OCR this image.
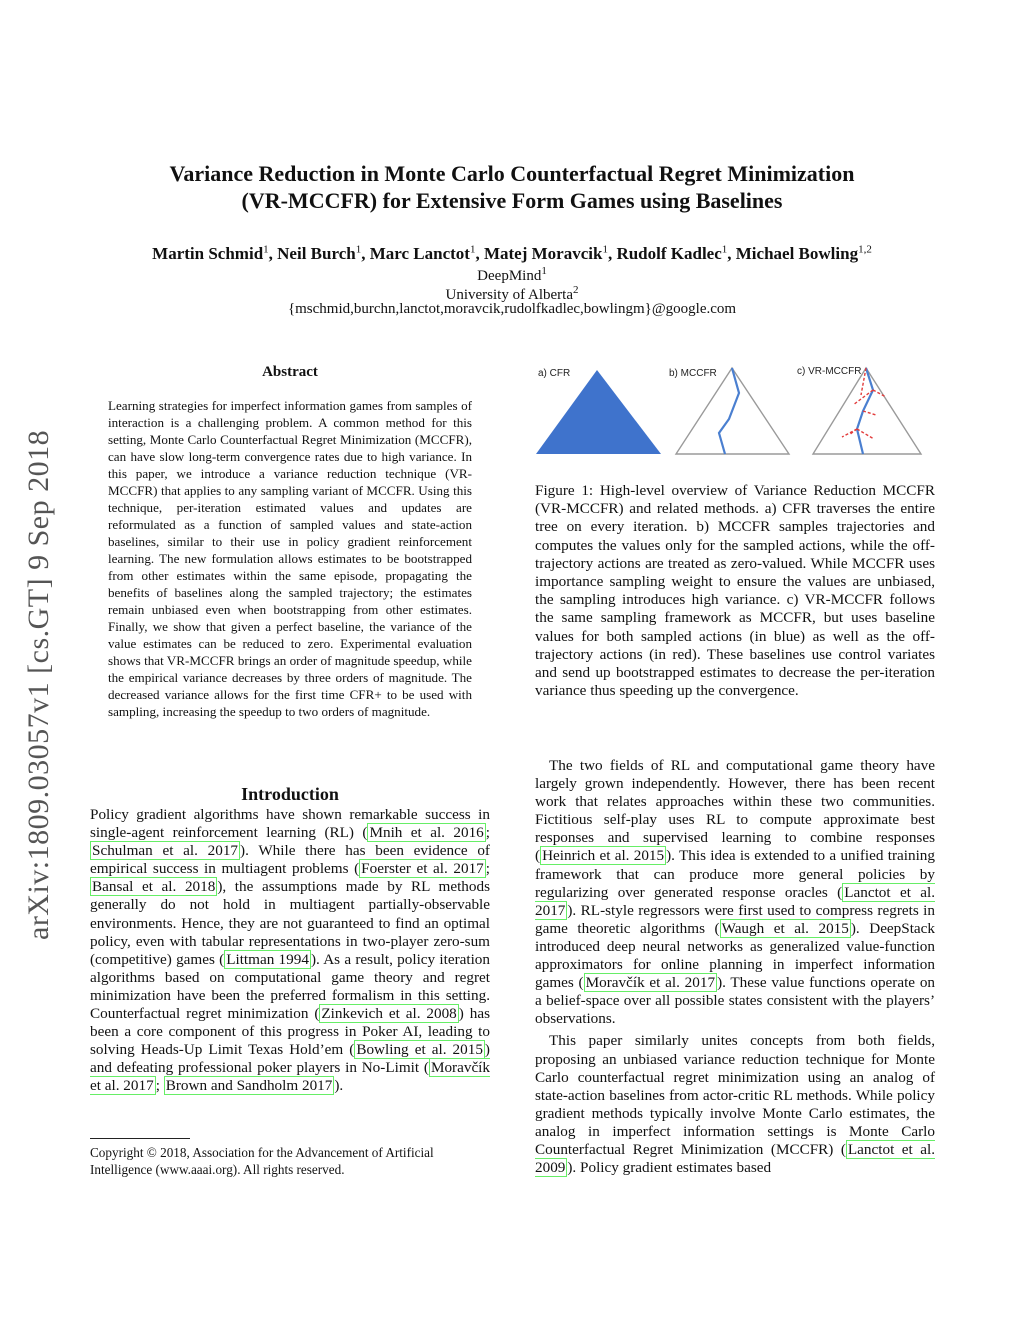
Variance Reduction in Monte Carlo Counterfactual Regret Minimization
(VR-MCCFR) for Extensive Form Games using Baselines

Martin Schmid$^1$, Neil Burch$^1$, Marc Lanctot$^1$, Matej Moravcik$^1$, Rudolf Kadlec$^1$, Michael Bowling$^{1,2}$

DeepMind$^1$

University of Alberta$^2$

{mschmid,burchn,lanctot,moravcik,rudolfkadlec,bowlingm}@google.com

arXiv:1809.03057v1 [cs.GT] 9 Sep 2018
Abstract

Learning strategies for imperfect information games from samples of interaction is a challenging problem. A common method for this setting, Monte Carlo Counterfactual Regret Minimization (MCCFR), can have slow long-term convergence rates due to high variance. In this paper, we introduce a variance reduction technique (VR-MCCFR) that applies to any sampling variant of MCCFR. Using this technique, per-iteration estimated values and updates are reformulated as a function of sampled values and state-action baselines, similar to their use in policy gradient reinforcement learning. The new formulation allows estimates to be bootstrapped from other estimates within the same episode, propagating the benefits of baselines along the sampled trajectory; the estimates remain unbiased even when bootstrapping from other estimates. Finally, we show that given a perfect baseline, the variance of the value estimates can be reduced to zero. Experimental evaluation shows that VR-MCCFR brings an order of magnitude speedup, while the empirical variance decreases by three orders of magnitude. The decreased variance allows for the first time CFR+ to be used with sampling, increasing the speedup to two orders of magnitude.

Introduction

Policy gradient algorithms have shown remarkable success in single-agent reinforcement learning (RL) ( Mnih et al. 2016 ; Schulman et al. 2017 ). While there has been evidence of empirical success in multiagent problems ( Foerster et al. 2017 ; Bansal et al. 2018 ), the assumptions made by RL methods generally do not hold in multiagent partially-observable environments. Hence, they are not guaranteed to find an optimal policy, even with tabular representations in two-player zero-sum (competitive) games ( Littman 1994 ). As a result, policy iteration algorithms based on computational game theory and regret minimization have been the preferred formalism in this setting. Counterfactual regret minimization ( Zinkevich et al. 2008 ) has been a core component of this progress in Poker AI, leading to solving Heads-Up Limit Texas Hold’em ( Bowling et al. 2015 ) and defeating professional poker players in No-Limit ( Moravčík et al. 2017 ; Brown and Sandholm 2017 ).

Copyright © 2018, Association for the Advancement of Artificial Intelligence (www.aaai.org). All rights reserved.

a) CFR	b) MCCFR	c) VR-MCCFR

Figure 1: High-level overview of Variance Reduction MCCFR (VR-MCCFR) and related methods. a) CFR traverses the entire tree on every iteration. b) MCCFR samples trajectories and computes the values only for the sampled actions, while the off-trajectory actions are treated as zero-valued. While MCCFR uses importance sampling weight to ensure the values are unbiased, the sampling introduces high variance. c) VR-MCCFR follows the same sampling framework as MCCFR, but uses baseline values for both sampled actions (in blue) as well as the off-trajectory actions (in red). These baselines use control variates and send up bootstrapped estimates to decrease the per-iteration variance thus speeding up the convergence.

The two fields of RL and computational game theory have largely grown independently. However, there has been recent work that relates approaches within these two communities. Fictitious self-play uses RL to compute approximate best responses and supervised learning to combine responses ( Heinrich et al. 2015 ). This idea is extended to a unified training framework that can produce more general policies by regularizing over generated response oracles ( Lanctot et al. 2017 ). RL-style regressors were first used to compress regrets in game theoretic algorithms ( Waugh et al. 2015 ). DeepStack introduced deep neural networks as generalized value-function approximators for online planning in imperfect information games ( Moravčík et al. 2017 ). These value functions operate on a belief-space over all possible states consistent with the players’ observations.

This paper similarly unites concepts from both fields, proposing an unbiased variance reduction technique for Monte Carlo counterfactual regret minimization using an analog of state-action baselines from actor-critic RL methods. While policy gradient methods typically involve Monte Carlo estimates, the analog in imperfect information settings is Monte Carlo Counterfactual Regret Minimization (MCCFR) ( Lanctot et al. 2009 ). Policy gradient estimates based
